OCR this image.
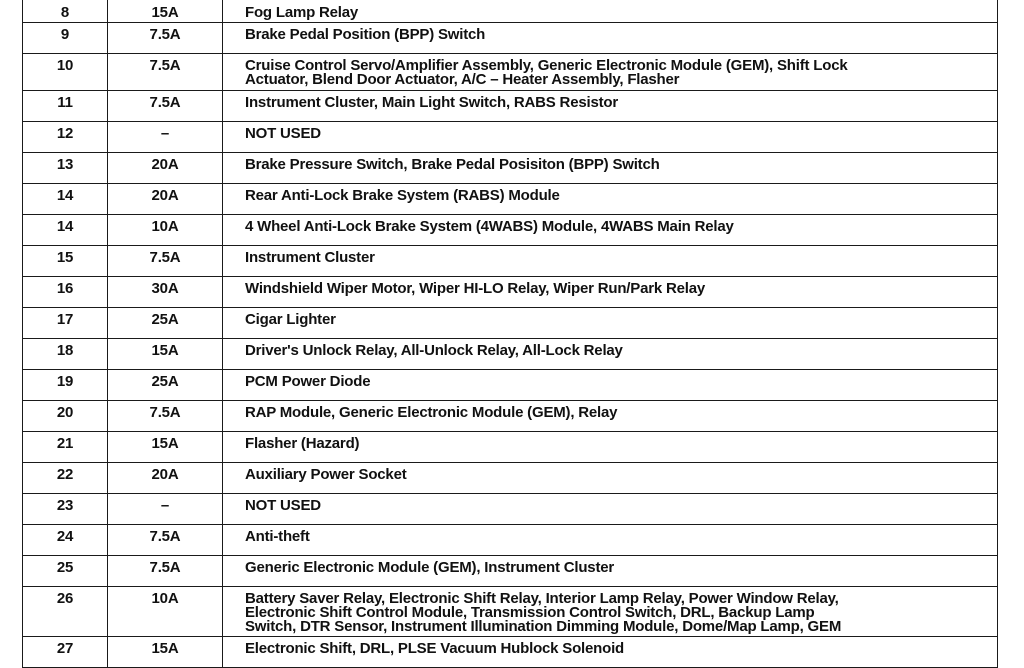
8	15A	Fog Lamp Relay
9	7.5A	Brake Pedal Position (BPP) Switch
10	7.5A	Cruise Control Servo/Amplifier Assembly, Generic Electronic Module (GEM), Shift Lock
Actuator, Blend Door Actuator, A/C – Heater Assembly, Flasher
11	7.5A	Instrument Cluster, Main Light Switch, RABS Resistor
12	–	NOT USED
13	20A	Brake Pressure Switch, Brake Pedal Posisiton (BPP) Switch
14	20A	Rear Anti-Lock Brake System (RABS) Module
14	10A	4 Wheel Anti-Lock Brake System (4WABS) Module, 4WABS Main Relay
15	7.5A	Instrument Cluster
16	30A	Windshield Wiper Motor, Wiper HI-LO Relay, Wiper Run/Park Relay
17	25A	Cigar Lighter
18	15A	Driver's Unlock Relay, All-Unlock Relay, All-Lock Relay
19	25A	PCM Power Diode
20	7.5A	RAP Module, Generic Electronic Module (GEM), Relay
21	15A	Flasher (Hazard)
22	20A	Auxiliary Power Socket
23	–	NOT USED
24	7.5A	Anti-theft
25	7.5A	Generic Electronic Module (GEM), Instrument Cluster
26	10A	Battery Saver Relay, Electronic Shift Relay, Interior Lamp Relay, Power Window Relay,
Electronic Shift Control Module, Transmission Control Switch, DRL, Backup Lamp
Switch, DTR Sensor, Instrument Illumination Dimming Module, Dome/Map Lamp, GEM
27	15A	Electronic Shift, DRL, PLSE Vacuum Hublock Solenoid
